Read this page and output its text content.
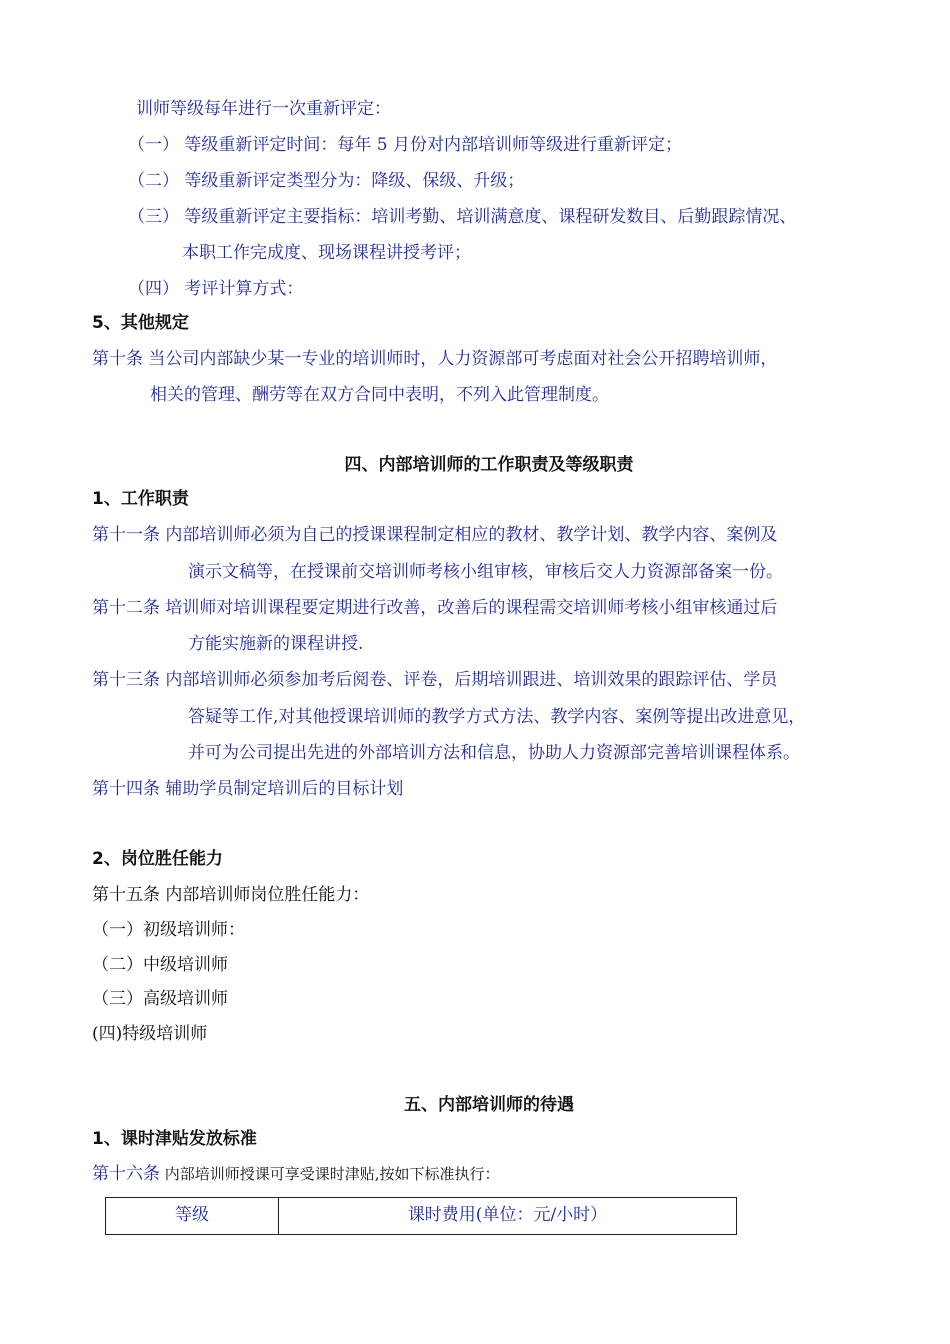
训师等级每年进行一次重新评定：
（一） 等级重新评定时间：每年 5 月份对内部培训师等级进行重新评定；
（二） 等级重新评定类型分为：降级、保级、升级；
（三） 等级重新评定主要指标：培训考勤、培训满意度、课程研发数目、后勤跟踪情况、
本职工作完成度、现场课程讲授考评；
（四） 考评计算方式：
5、其他规定
第十条 当公司内部缺少某一专业的培训师时，人力资源部可考虑面对社会公开招聘培训师，
相关的管理、酬劳等在双方合同中表明，不列入此管理制度。
四、内部培训师的工作职责及等级职责
1、工作职责
第十一条 内部培训师必须为自己的授课课程制定相应的教材、教学计划、教学内容、案例及
演示文稿等，在授课前交培训师考核小组审核，审核后交人力资源部备案一份。
第十二条 培训师对培训课程要定期进行改善，改善后的课程需交培训师考核小组审核通过后
方能实施新的课程讲授.
第十三条 内部培训师必须参加考后阅卷、评卷，后期培训跟进、培训效果的跟踪评估、学员
答疑等工作,对其他授课培训师的教学方式方法、教学内容、案例等提出改进意见，
并可为公司提出先进的外部培训方法和信息，协助人力资源部完善培训课程体系。
第十四条 辅助学员制定培训后的目标计划
2、岗位胜任能力
第十五条 内部培训师岗位胜任能力：
（一）初级培训师：
（二）中级培训师
（三）高级培训师
(四)特级培训师
五、内部培训师的待遇
1、课时津贴发放标准
第十六条 内部培训师授课可享受课时津贴,按如下标准执行：
等级	课时费用(单位：元/小时）
